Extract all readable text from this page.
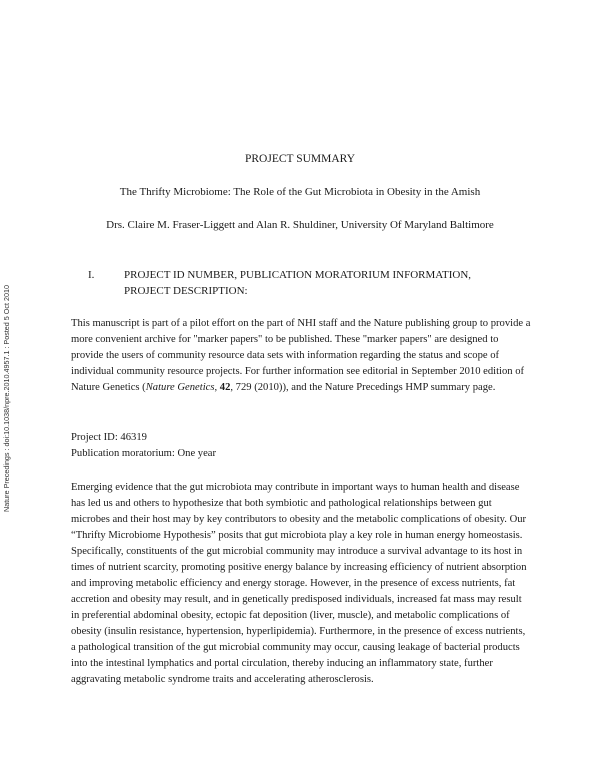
Nature Precedings : doi:10.1038/npre.2010.4957.1 : Posted 5 Oct 2010
PROJECT SUMMARY
The Thrifty Microbiome: The Role of the Gut Microbiota in Obesity in the Amish
Drs. Claire M. Fraser-Liggett and Alan R. Shuldiner, University Of Maryland Baltimore
I.	PROJECT ID NUMBER, PUBLICATION MORATORIUM INFORMATION,
PROJECT DESCRIPTION:

This manuscript is part of a pilot effort on the part of NHI staff and the Nature publishing group to provide a more convenient archive for "marker papers" to be published. These "marker papers" are designed to provide the users of community resource data sets with information regarding the status and scope of individual community resource projects. For further information see editorial in September 2010 edition of Nature Genetics (Nature Genetics, 42, 729 (2010)), and the Nature Precedings HMP summary page.

Project ID: 46319
Publication moratorium: One year

Emerging evidence that the gut microbiota may contribute in important ways to human health and disease has led us and others to hypothesize that both symbiotic and pathological relationships between gut microbes and their host may by key contributors to obesity and the metabolic complications of obesity. Our “Thrifty Microbiome Hypothesis” posits that gut microbiota play a key role in human energy homeostasis. Specifically, constituents of the gut microbial community may introduce a survival advantage to its host in times of nutrient scarcity, promoting positive energy balance by increasing efficiency of nutrient absorption and improving metabolic efficiency and energy storage. However, in the presence of excess nutrients, fat accretion and obesity may result, and in genetically predisposed individuals, increased fat mass may result in preferential abdominal obesity, ectopic fat deposition (liver, muscle), and metabolic complications of obesity (insulin resistance, hypertension, hyperlipidemia). Furthermore, in the presence of excess nutrients, a pathological transition of the gut microbial community may occur, causing leakage of bacterial products into the intestinal lymphatics and portal circulation, thereby inducing an inflammatory state, further aggravating metabolic syndrome traits and accelerating atherosclerosis.
